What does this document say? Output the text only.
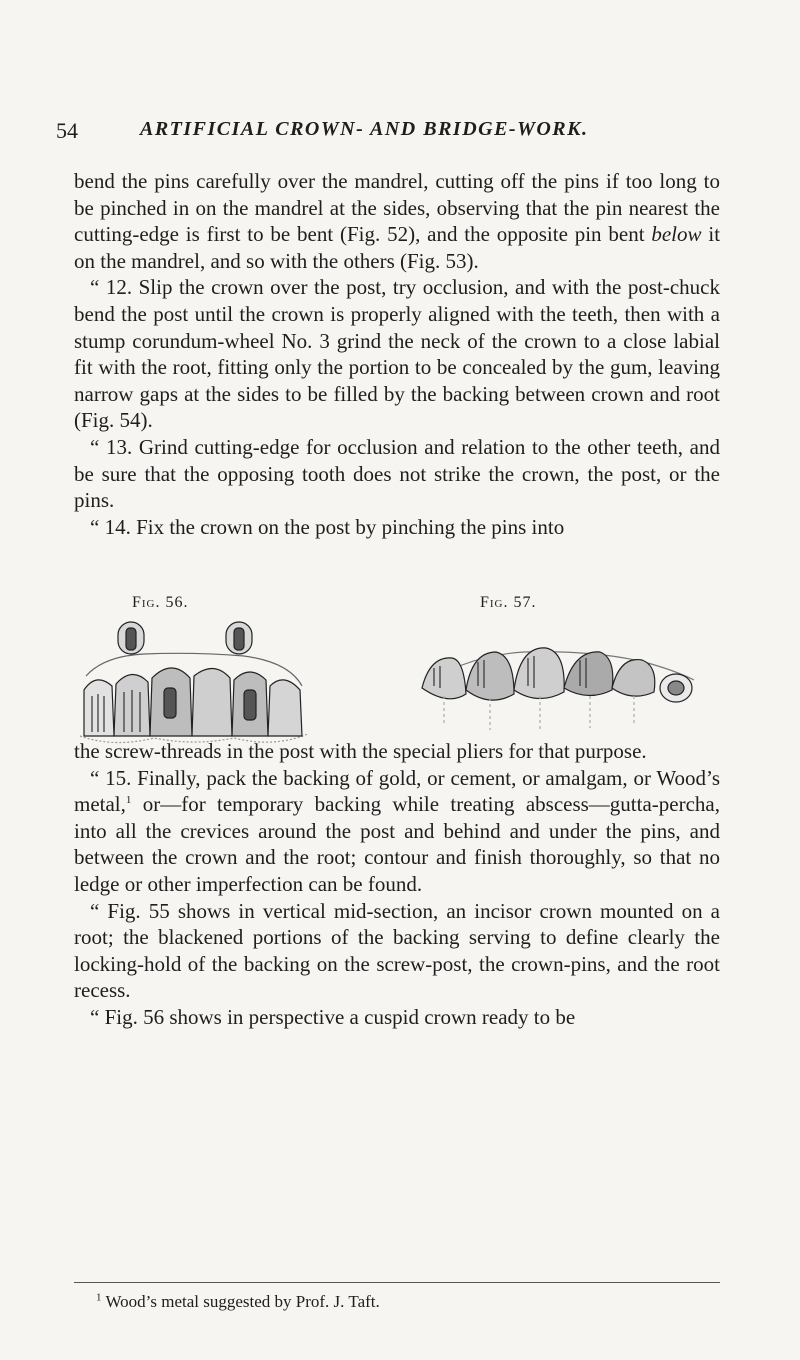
54	ARTIFICIAL CROWN- AND BRIDGE-WORK.

bend the pins carefully over the mandrel, cutting off the pins if too long to be pinched in on the mandrel at the sides, observing that the pin nearest the cutting-edge is first to be bent (Fig. 52), and the opposite pin bent below it on the mandrel, and so with the others (Fig. 53).

“ 12. Slip the crown over the post, try occlusion, and with the post-chuck bend the post until the crown is properly aligned with the teeth, then with a stump corundum-wheel No. 3 grind the neck of the crown to a close labial fit with the root, fitting only the portion to be concealed by the gum, leaving narrow gaps at the sides to be filled by the backing between crown and root (Fig. 54).

“ 13. Grind cutting-edge for occlusion and relation to the other teeth, and be sure that the opposing tooth does not strike the crown, the post, or the pins.

“ 14. Fix the crown on the post by pinching the pins into

Fig. 56.	Fig. 57.

the screw-threads in the post with the special pliers for that purpose.

“ 15. Finally, pack the backing of gold, or cement, or amalgam, or Wood’s metal,$^1$ or—for temporary backing while treating abscess—gutta-percha, into all the crevices around the post and behind and under the pins, and between the crown and the root; contour and finish thoroughly, so that no ledge or other imperfection can be found.

“ Fig. 55 shows in vertical mid-section, an incisor crown mounted on a root; the blackened portions of the backing serving to define clearly the locking-hold of the backing on the screw-post, the crown-pins, and the root recess.

“ Fig. 56 shows in perspective a cuspid crown ready to be

$^1$ Wood’s metal suggested by Prof. J. Taft.
